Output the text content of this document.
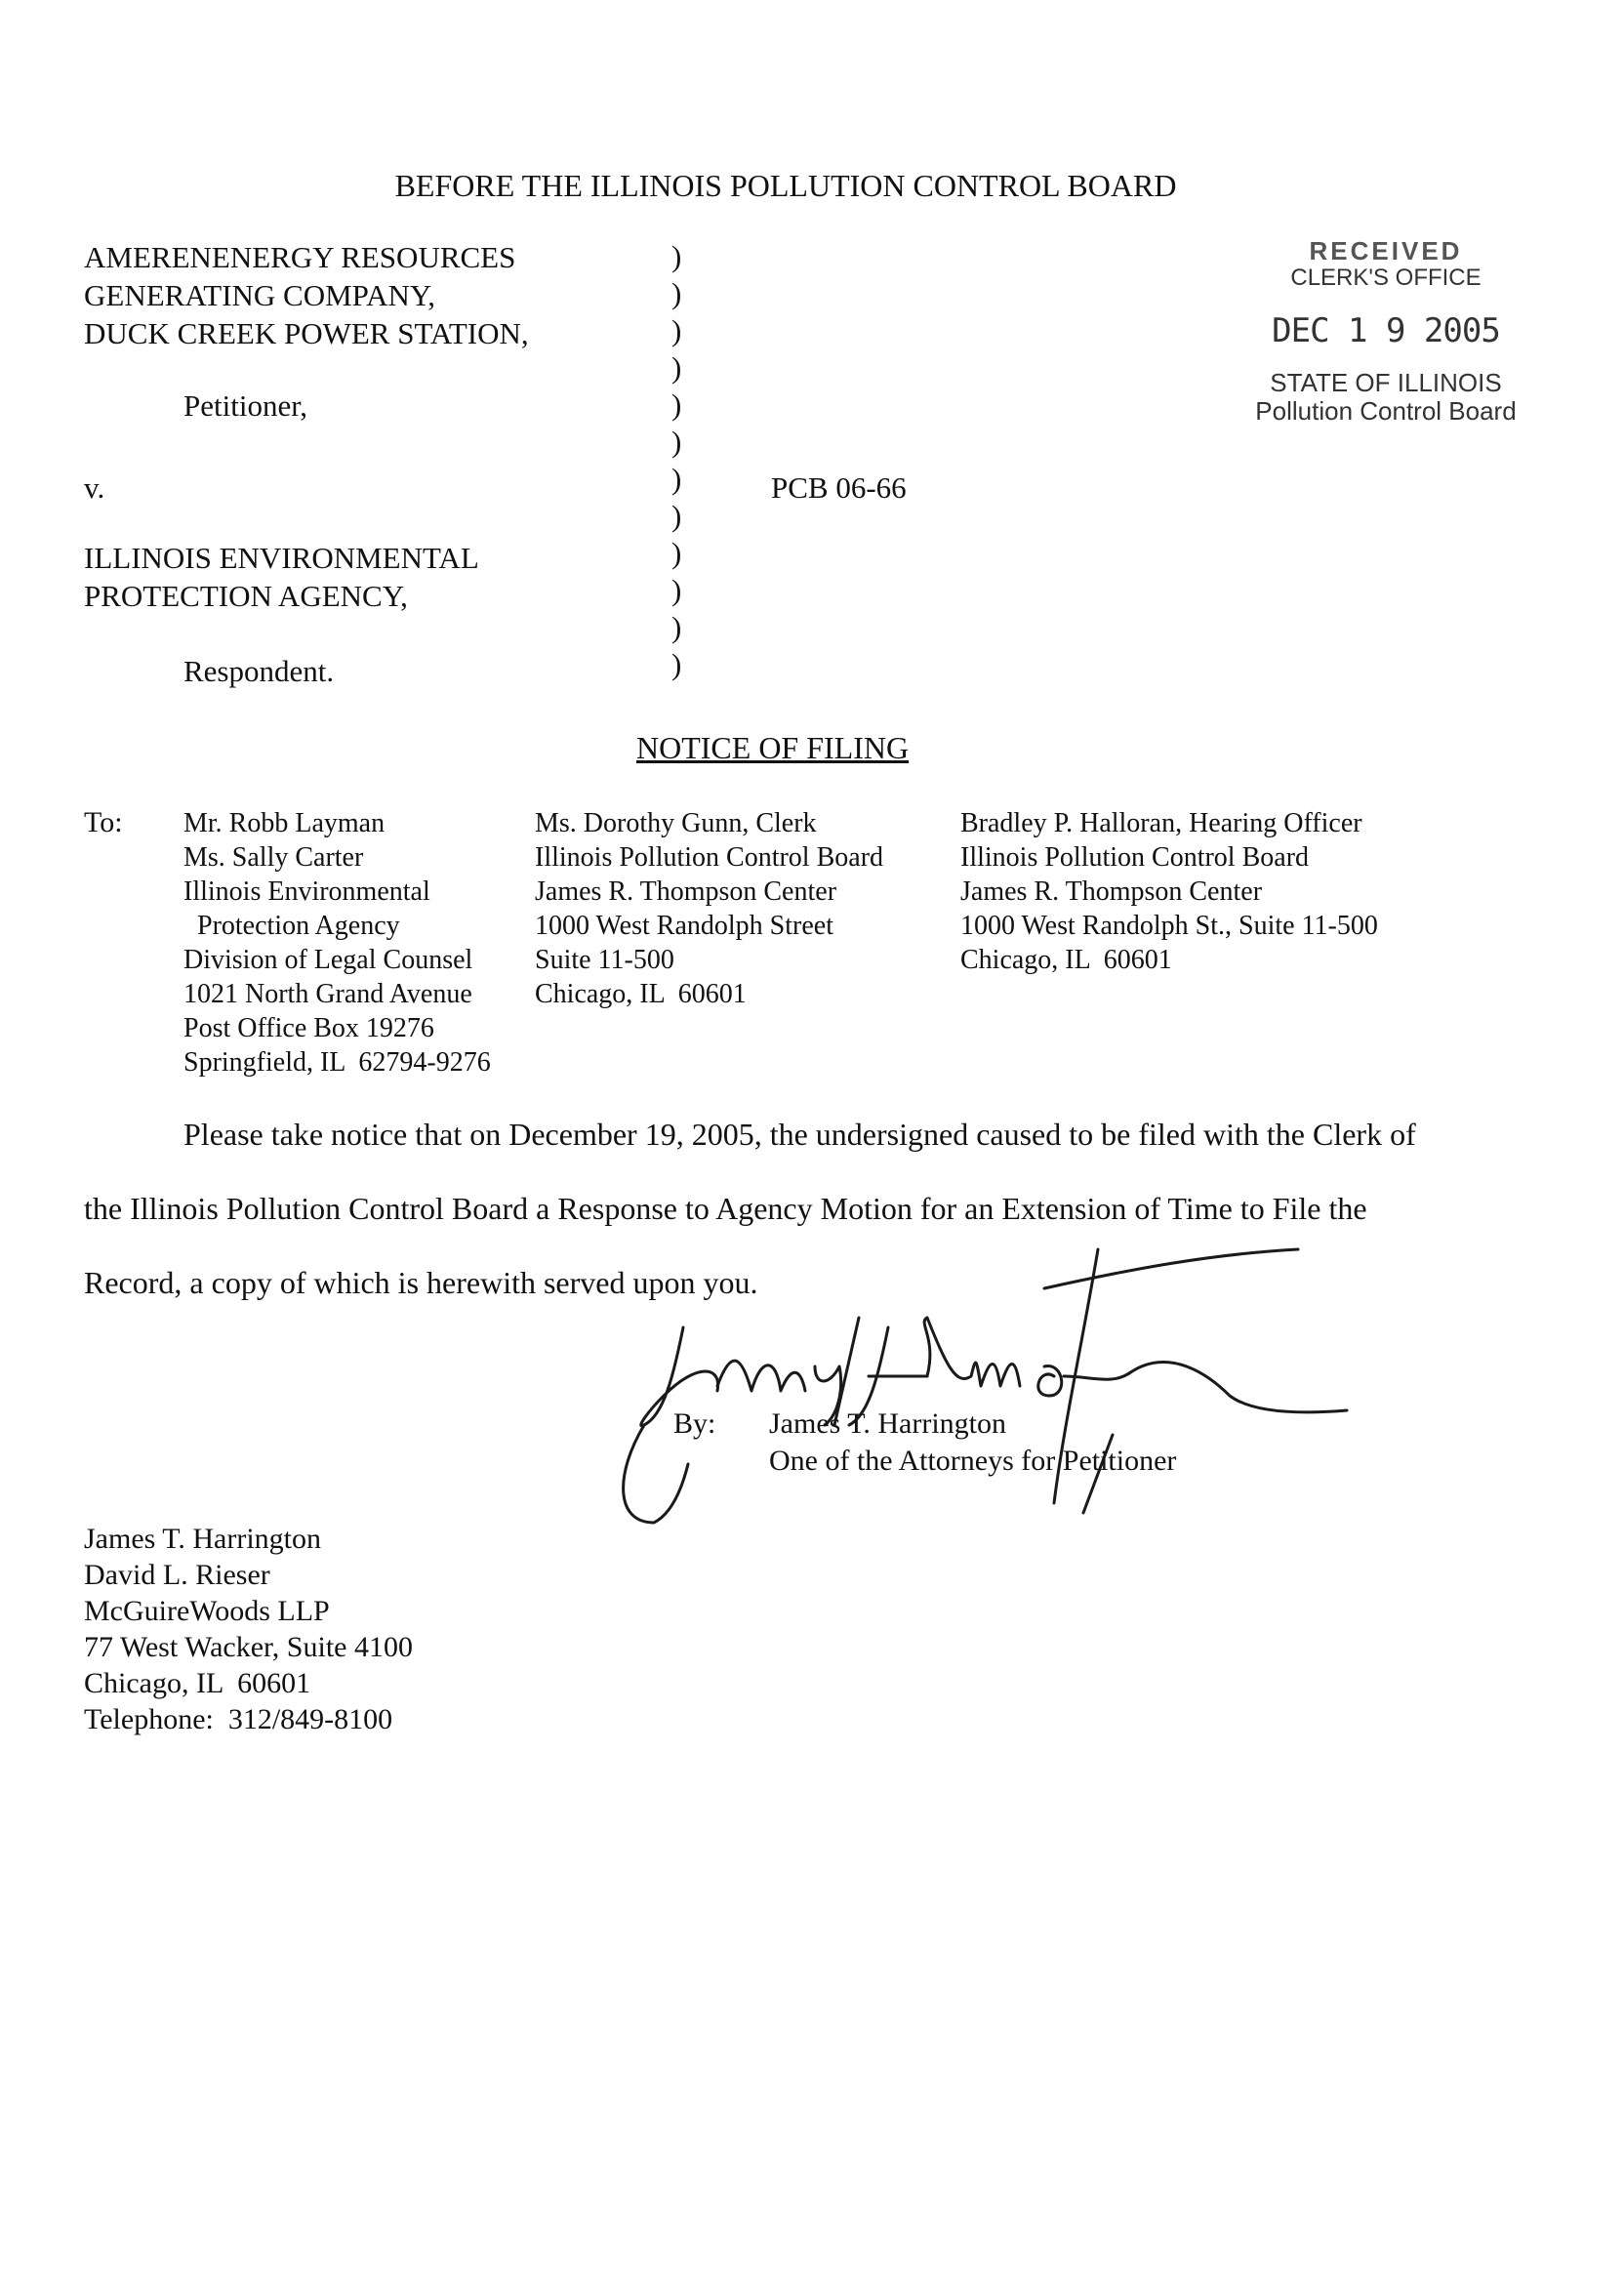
BEFORE THE ILLINOIS POLLUTION CONTROL BOARD
AMERENENERGY RESOURCES
GENERATING COMPANY,
DUCK CREEK POWER STATION,
Petitioner,
v.
ILLINOIS ENVIRONMENTAL
PROTECTION AGENCY,
Respondent.
)
)
)
)
)
)
)
)
)
)
)
)
PCB 06-66
RECEIVED
CLERK'S OFFICE
DEC 1 9 2005
STATE OF ILLINOIS
Pollution Control Board
NOTICE OF FILING
To: Mr. Robb Layman
Ms. Sally Carter
Illinois Environmental
Protection Agency
Division of Legal Counsel
1021 North Grand Avenue
Post Office Box 19276
Springfield, IL  62794-9276
Ms. Dorothy Gunn, Clerk
Illinois Pollution Control Board
James R. Thompson Center
1000 West Randolph Street
Suite 11-500
Chicago, IL  60601
Bradley P. Halloran, Hearing Officer
Illinois Pollution Control Board
James R. Thompson Center
1000 West Randolph St., Suite 11-500
Chicago, IL  60601
Please take notice that on December 19, 2005, the undersigned caused to be filed with the Clerk of
the Illinois Pollution Control Board a Response to Agency Motion for an Extension of Time to File the
Record, a copy of which is herewith served upon you.
By: James T. Harrington
One of the Attorneys for Petitioner
James T. Harrington
David L. Rieser
McGuireWoods LLP
77 West Wacker, Suite 4100
Chicago, IL  60601
Telephone:  312/849-8100
